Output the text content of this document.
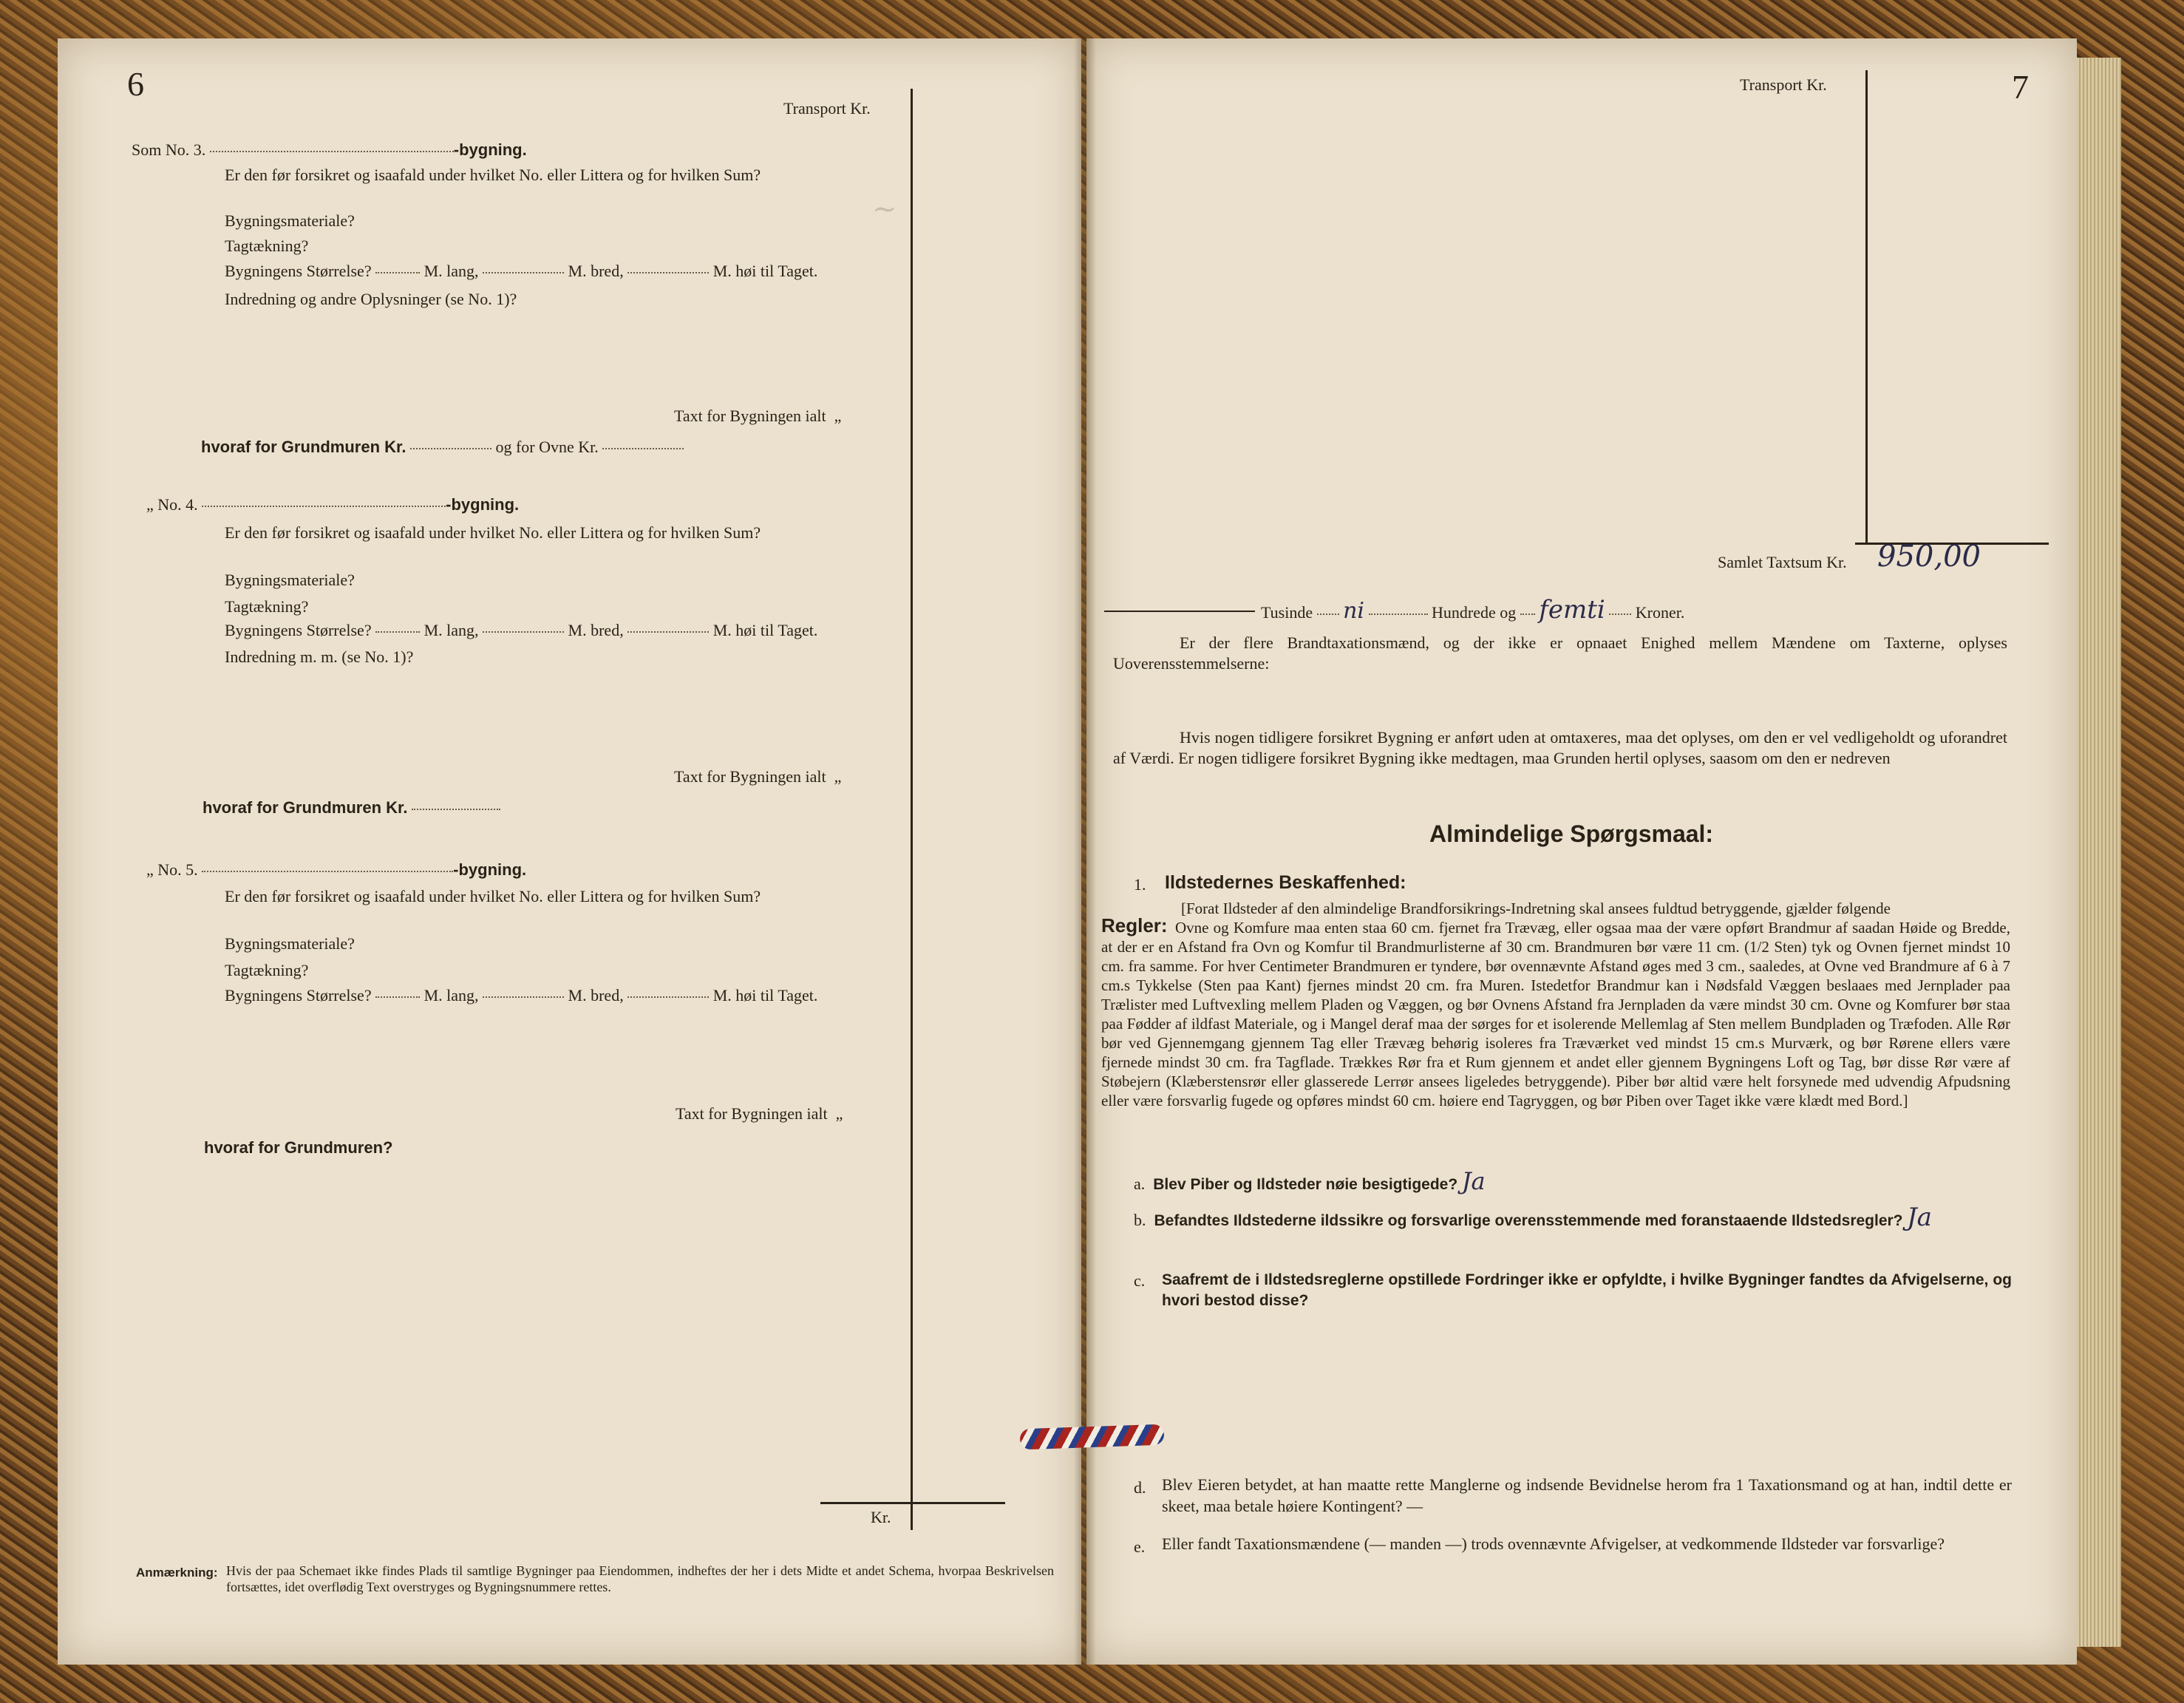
6
Transport Kr.
Kr.
Som No. 3.	-bygning.
Er den før forsikret og isaafald under hvilket No. eller Littera og for hvilken Sum?
Bygningsmateriale?
Tagtækning?
Bygningens Størrelse?	M. lang,	M. bred,	M. høi til Taget.
Indredning og andre Oplysninger (se No. 1)?
Taxt for Bygningen ialt „
hvoraf for Grundmuren Kr.	og for Ovne Kr.
„ No. 4.	-bygning.
Er den før forsikret og isaafald under hvilket No. eller Littera og for hvilken Sum?
Bygningsmateriale?
Tagtækning?
Bygningens Størrelse?	M. lang,	M. bred,	M. høi til Taget.
Indredning m. m. (se No. 1)?
Taxt for Bygningen ialt „
hvoraf for Grundmuren Kr.
„ No. 5.	-bygning.
Er den før forsikret og isaafald under hvilket No. eller Littera og for hvilken Sum?
Bygningsmateriale?
Tagtækning?
Bygningens Størrelse?	M. lang,	M. bred,	M. høi til Taget.
Taxt for Bygningen ialt „
hvoraf for Grundmuren?
Anmærkning: Hvis der paa Schemaet ikke findes Plads til samtlige Bygninger paa Eiendommen, indheftes der her i dets Midte et andet Schema, hvorpaa Beskrivelsen fortsættes, idet overflødig Text overstryges og Bygningsnummere rettes.
~
7
Transport Kr.
Samlet Taxtsum Kr. 950,00
Tusinde ni	Hundrede og femti Kroner.
Er der flere Brandtaxationsmænd, og der ikke er opnaaet Enighed mellem Mændene om Taxterne, oplyses Uoverensstemmelserne:
Hvis nogen tidligere forsikret Bygning er anført uden at omtaxeres, maa det oplyses, om den er vel vedligeholdt og uforandret af Værdi. Er nogen tidligere forsikret Bygning ikke medtagen, maa Grunden hertil oplyses, saasom om den er nedreven
Almindelige Spørgsmaal:
1. Ildstedernes Beskaffenhed:
[Forat Ildsteder af den almindelige Brandforsikrings-Indretning skal ansees fuldtud betryggende, gjælder følgende
Regler: Ovne og Komfure maa enten staa 60 cm. fjernet fra Trævæg, eller ogsaa maa der være opført Brandmur af saadan Høide og Bredde, at der er en Afstand fra Ovn og Komfur til Brandmurlisterne af 30 cm. Brandmuren bør være 11 cm. (1/2 Sten) tyk og Ovnen fjernet mindst 10 cm. fra samme. For hver Centimeter Brandmuren er tyndere, bør ovennævnte Afstand øges med 3 cm., saaledes, at Ovne ved Brandmure af 6 à 7 cm.s Tykkelse (Sten paa Kant) fjernes mindst 20 cm. fra Muren. Istedetfor Brandmur kan i Nødsfald Væggen beslaaes med Jernplader paa Trælister med Luftvexling mellem Pladen og Væggen, og bør Ovnens Afstand fra Jernpladen da være mindst 30 cm. Ovne og Komfurer bør staa paa Fødder af ildfast Materiale, og i Mangel deraf maa der sørges for et isolerende Mellemlag af Sten mellem Bundpladen og Træfoden. Alle Rør bør ved Gjennemgang gjennem Tag eller Trævæg behørig isoleres fra Træværket ved mindst 15 cm.s Murværk, og bør Rørene ellers være fjernede mindst 30 cm. fra Tagflade. Trækkes Rør fra et Rum gjennem et andet eller gjennem Bygningens Loft og Tag, bør disse Rør være af Støbejern (Klæberstensrør eller glasserede Lerrør ansees ligeledes betryggende). Piber bør altid være helt forsynede med udvendig Afpudsning eller være forsvarlig fugede og opføres mindst 60 cm. høiere end Tagryggen, og bør Piben over Taget ikke være klædt med Bord.]
a. Blev Piber og Ildsteder nøie besigtigede? Ja
b. Befandtes Ildstederne ildssikre og forsvarlige overensstemmende med foranstaaende Ildstedsregler? Ja
c. Saafremt de i Ildstedsreglerne opstillede Fordringer ikke er opfyldte, i hvilke Bygninger fandtes da Afvigelserne, og hvori bestod disse?
d. Blev Eieren betydet, at han maatte rette Manglerne og indsende Bevidnelse herom fra 1 Taxationsmand og at han, indtil dette er skeet, maa betale høiere Kontingent? —
e. Eller fandt Taxationsmændene (— manden —) trods ovennævnte Afvigelser, at vedkommende Ildsteder var forsvarlige?
